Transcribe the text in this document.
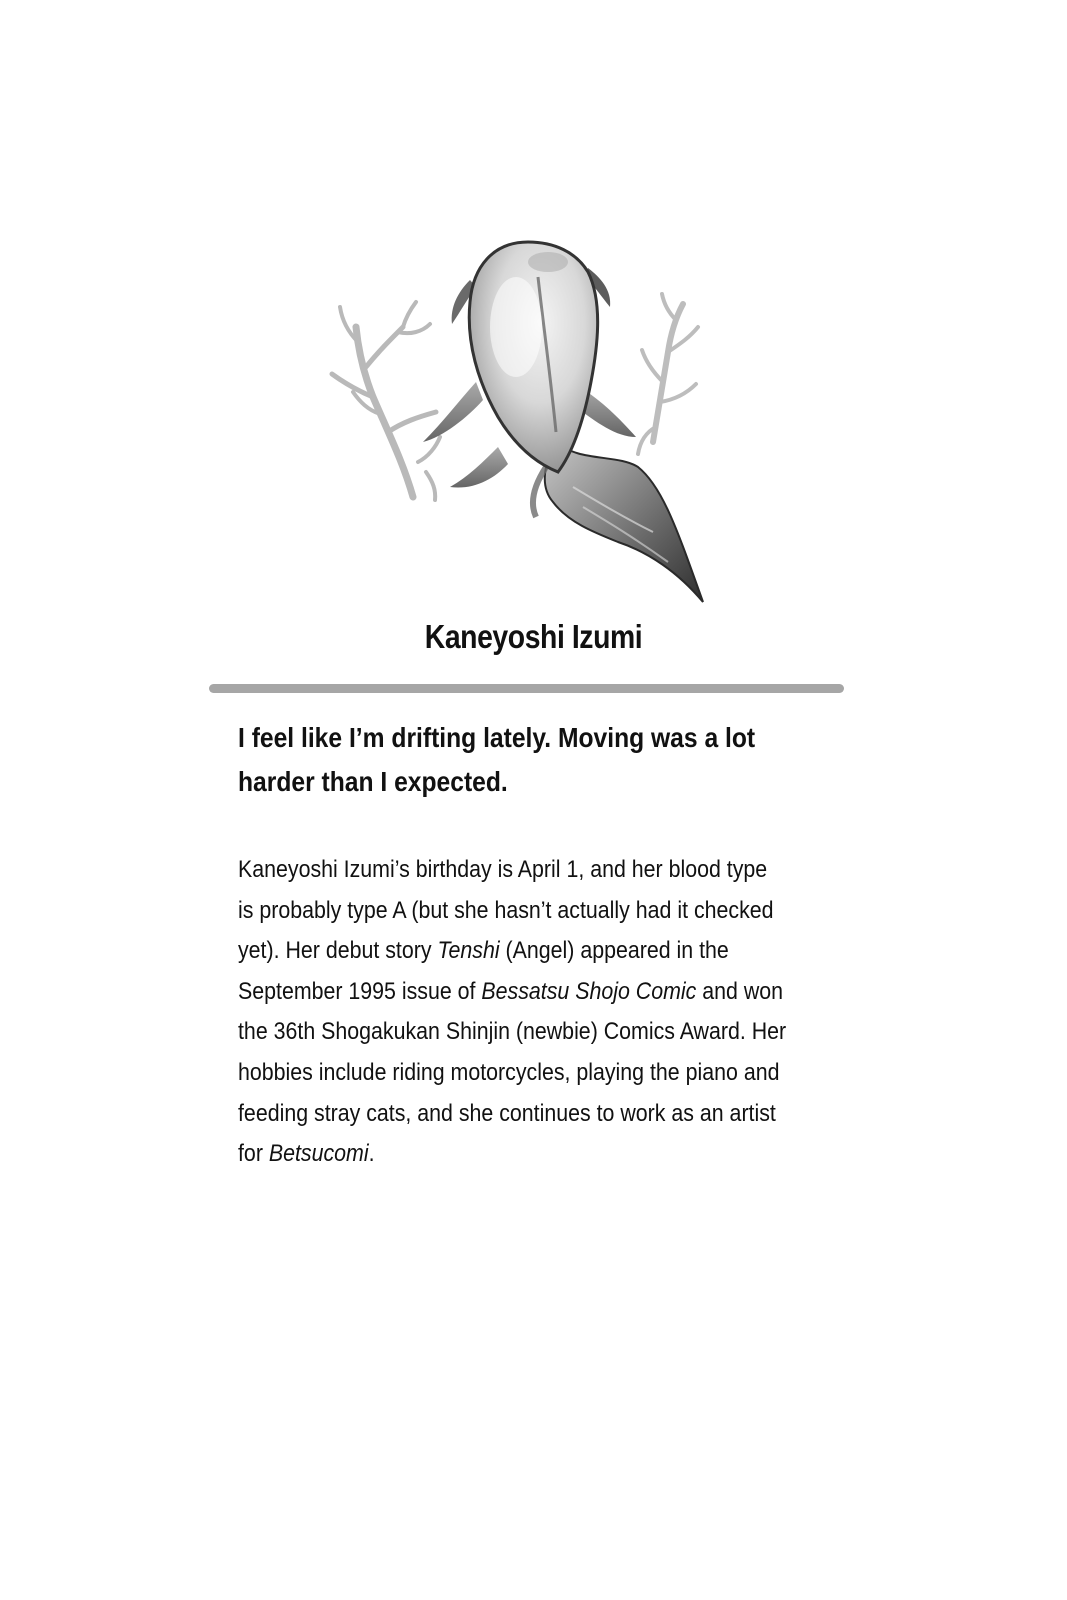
Kaneyoshi Izumi

I feel like I’m drifting lately. Moving was a lot
harder than I expected.

Kaneyoshi Izumi’s birthday is April 1, and her blood type
is probably type A (but she hasn’t actually had it checked
yet). Her debut story Tenshi (Angel) appeared in the
September 1995 issue of Bessatsu Shojo Comic and won
the 36th Shogakukan Shinjin (newbie) Comics Award. Her
hobbies include riding motorcycles, playing the piano and
feeding stray cats, and she continues to work as an artist
for Betsucomi.
